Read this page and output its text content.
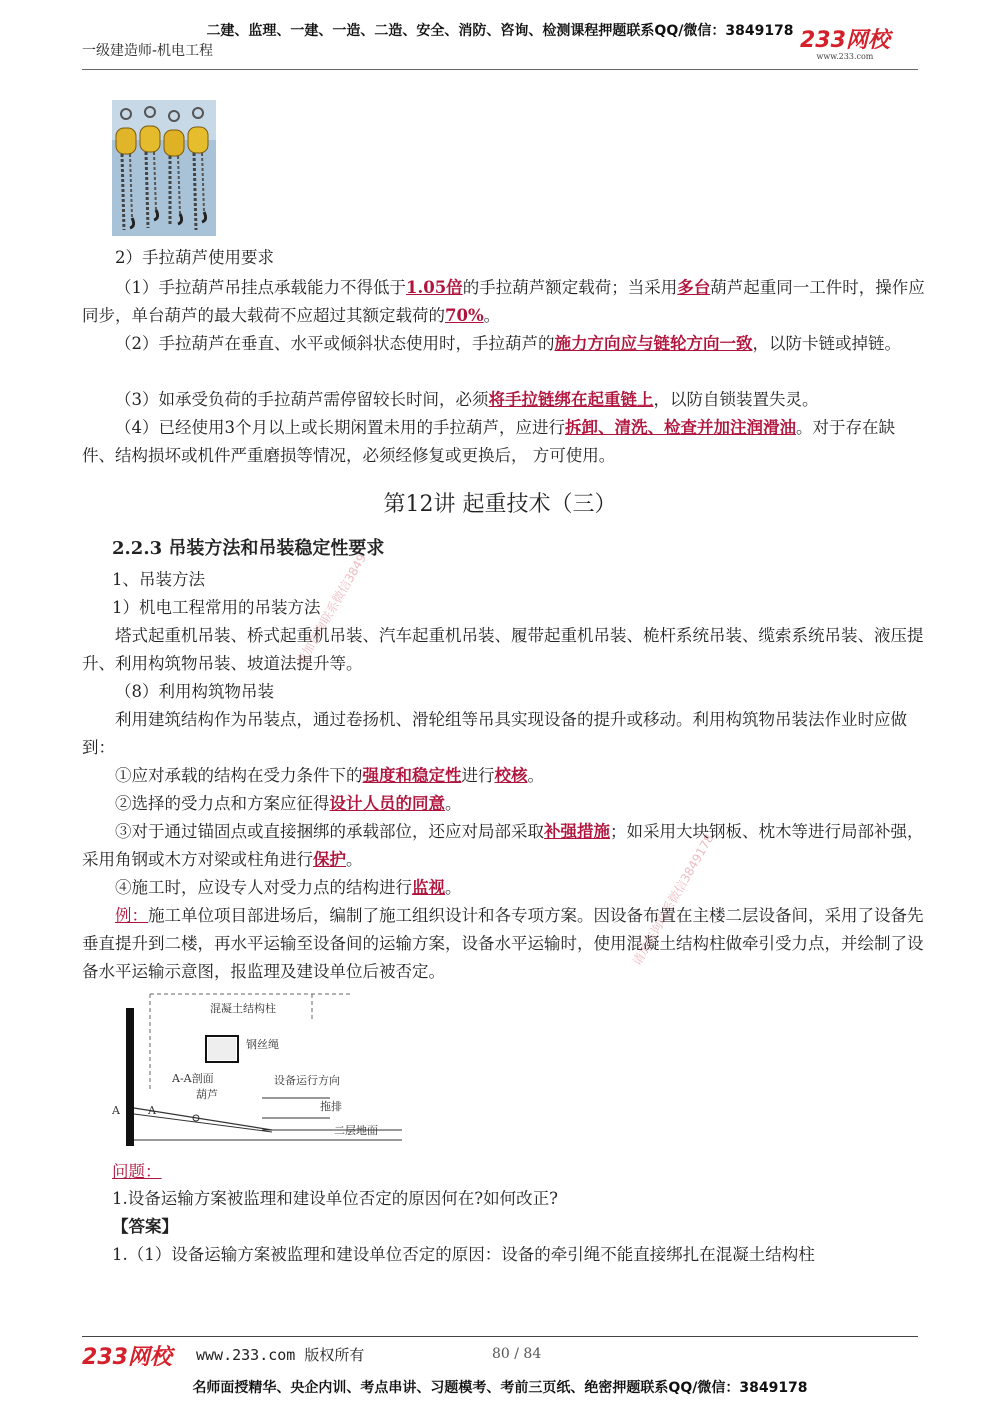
二建、监理、一建、一造、二造、安全、消防、咨询、检测课程押题联系QQ/微信：3849178
一级建造师-机电工程	233网校
www.233.com
2）手拉葫芦使用要求
（1）手拉葫芦吊挂点承载能力不得低于1.05倍的手拉葫芦额定载荷；当采用多台葫芦起重同一工件时，操作应同步，单台葫芦的最大载荷不应超过其额定载荷的70%。
（2）手拉葫芦在垂直、水平或倾斜状态使用时，手拉葫芦的施力方向应与链轮方向一致，以防卡链或掉链。
（3）如承受负荷的手拉葫芦需停留较长时间，必须将手拉链绑在起重链上，以防自锁装置失灵。
（4）已经使用3个月以上或长期闲置未用的手拉葫芦，应进行拆卸、清洗、检查并加注润滑油。对于存在缺件、结构损坏或机件严重磨损等情况，必须经修复或更换后， 方可使用。
第12讲 起重技术（三）
2.2.3 吊装方法和吊装稳定性要求
1、吊装方法
1）机电工程常用的吊装方法
塔式起重机吊装、桥式起重机吊装、汽车起重机吊装、履带起重机吊装、桅杆系统吊装、缆索系统吊装、液压提升、利用构筑物吊装、坡道法提升等。
（8）利用构筑物吊装
利用建筑结构作为吊装点，通过卷扬机、滑轮组等吊具实现设备的提升或移动。利用构筑物吊装法作业时应做到：
①应对承载的结构在受力条件下的强度和稳定性进行校核。
②选择的受力点和方案应征得设计人员的同意。
③对于通过锚固点或直接捆绑的承载部位，还应对局部采取补强措施；如采用大块钢板、枕木等进行局部补强，采用角钢或木方对梁或柱角进行保护。
④施工时，应设专人对受力点的结构进行监视。
例：施工单位项目部进场后，编制了施工组织设计和各专项方案。因设备布置在主楼二层设备间，采用了设备先垂直提升到二楼，再水平运输至设备间的运输方案，设备水平运输时，使用混凝土结构柱做牵引受力点，并绘制了设备水平运输示意图，报监理及建设单位后被否定。
混凝土结构柱
钢丝绳
A-A剖面
葫芦
设备运行方向
拖排
二层地面
A	A
问题：
1.设备运输方案被监理和建设单位否定的原因何在?如何改正?
【答案】
1.（1）设备运输方案被监理和建设单位否定的原因：设备的牵引绳不能直接绑扎在混凝土结构柱
请加咨询联系微信3849
请加咨询联系微信3849178
233网校 www.233.com 版权所有	80 / 84
名师面授精华、央企内训、考点串讲、习题模考、考前三页纸、绝密押题联系QQ/微信：3849178
